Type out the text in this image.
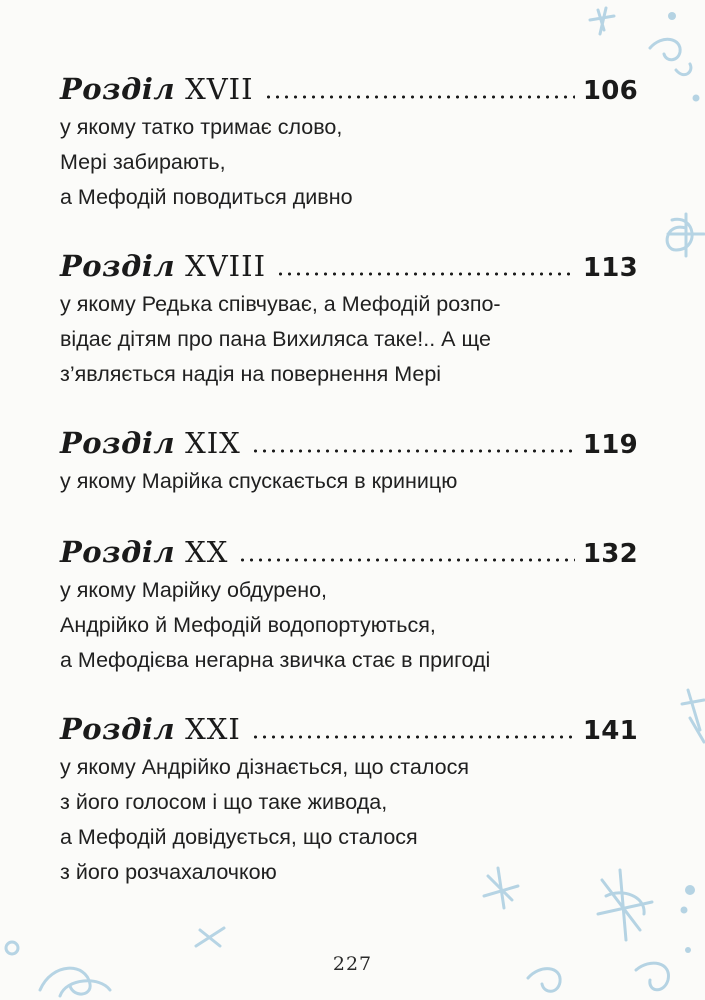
Розділ XVII	106
у якому татко тримає слово,
Мері забирають,
а Мефодій поводиться дивно
Розділ XVIII	113
у якому Редька співчуває, а Мефодій розпо-
відає дітям про пана Вихиляса таке!.. А ще
з’являється надія на повернення Мері
Розділ XIX	119
у якому Марійка спускається в криницю
Розділ XX	132
у якому Марійку обдурено,
Андрійко й Мефодій водопортуються,
а Мефодієва негарна звичка стає в пригоді
Розділ XXI	141
у якому Андрійко дізнається, що сталося
з його голосом і що таке живода,
а Мефодій довідується, що сталося
з його розчахалочкою
227
